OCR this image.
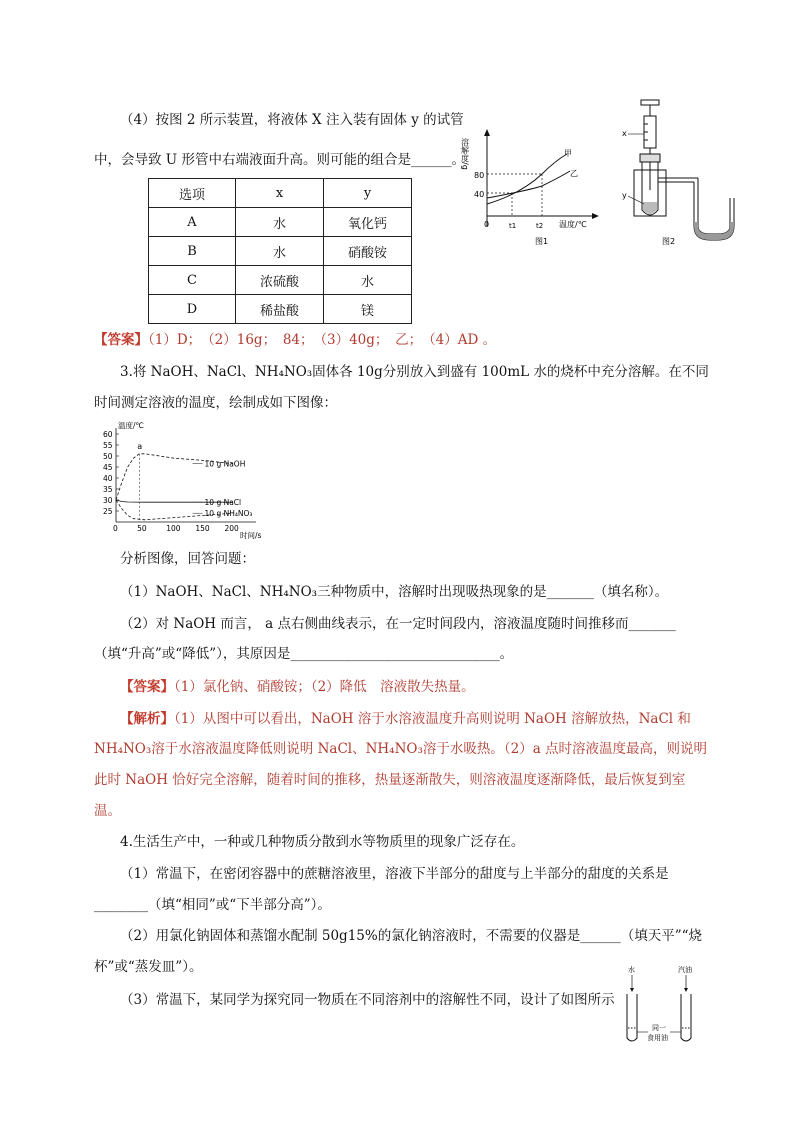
（4）按图 2 所示装置，将液体 X 注入装有固体 y 的试管
中，会导致 U 形管中右端液面升高。则可能的组合是______。
选项	x	y
A	水	氧化钙
B	水	硝酸铵
C	浓硫酸	水
D	稀盐酸	镁
溶解度/g
80
40
0	t1	t2 温度/℃
图1
甲
乙
x
y
图2
【答案】（1）D；　（2）16g；　84；　（3）40g；　乙；　（4）AD 。
3.将 NaOH、NaCl、NH₄NO₃固体各 10g分别放入到盛有 100mL 水的烧杯中充分溶解。在不同
时间测定溶液的温度，绘制成如下图像：
温度/℃
时间/s
25
30
35
40
45
50
55
60
0	50	100 150 200
10 g NaOH
10 g NaCl
10 g NH₄NO₃
a
分析图像，回答问题：
（1）NaOH、NaCl、NH₄NO₃三种物质中，溶解时出现吸热现象的是_______（填名称）。
（2）对 NaOH 而言， a 点右侧曲线表示，在一定时间段内，溶液温度随时间推移而_______
（填“升高”或“降低”），其原因是_______________________________。
【答案】（1）氯化钠、硝酸铵；（2）降低　溶液散失热量。
【解析】（1）从图中可以看出，NaOH 溶于水溶液温度升高则说明 NaOH 溶解放热，NaCl 和
NH₄NO₃溶于水溶液温度降低则说明 NaCl、NH₄NO₃溶于水吸热。（2）a 点时溶液温度最高，则说明
此时 NaOH 恰好完全溶解，随着时间的推移，热量逐渐散失，则溶液温度逐渐降低，最后恢复到室
温。
4.生活生产中，一种或几种物质分散到水等物质里的现象广泛存在。
（1）常温下，在密闭容器中的蔗糖溶液里，溶液下半部分的甜度与上半部分的甜度的关系是
________（填“相同”或“下半部分高”）。
（2）用氯化钠固体和蒸馏水配制 50g15%的氯化钠溶液时，不需要的仪器是______（填天平”“烧
杯”或“蒸发皿”）。
（3）常温下，某同学为探究同一物质在不同溶剂中的溶解性不同，设计了如图所示
水	汽油
同一
食用油
